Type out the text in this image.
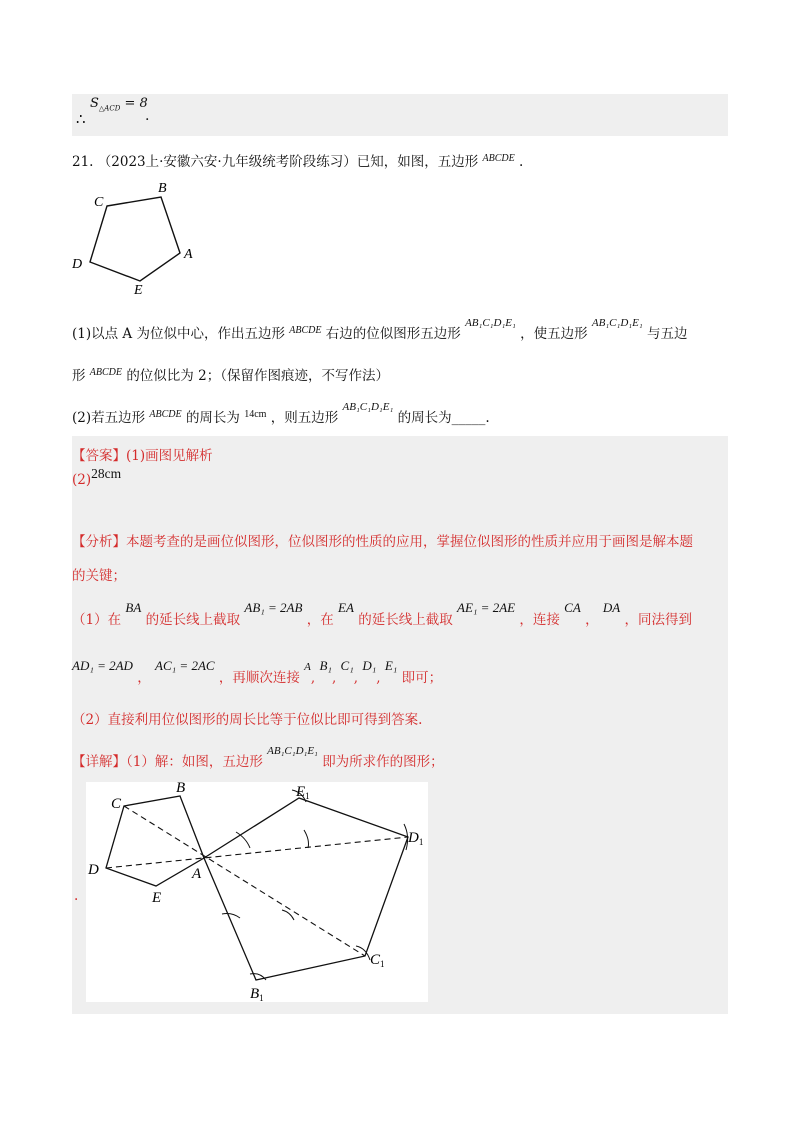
∴
$S_{\triangle ACD} = 8$
.
21. （2023上·安徽六安·九年级统考阶段练习）已知，如图，五边形 $^{ABCDE}$ .
B
C
A
D
E
(1)以点 A 为位似中心，作出五边形 $^{ABCDE}$ 右边的位似图形五边形 $^{AB_1C_1D_1E_1}$ ，使五边形 $^{AB_1C_1D_1E_1}$ 与五边
形 $^{ABCDE}$ 的位似比为 2；（保留作图痕迹，不写作法）
(2)若五边形 $^{ABCDE}$ 的周长为 $^{14cm}$ ，则五边形 $^{AB_1C_1D_1E_1}$ 的周长为_____.
【答案】(1)画图见解析
(2)28cm
【分析】本题考查的是画位似图形，位似图形的性质的应用，掌握位似图形的性质并应用于画图是解本题
的关键；
（1）在 BA 的延长线上截取 AB₁ = 2AB ，在 EA 的延长线上截取 AE₁ = 2AE ，连接 CA ， DA ，同法得到
AD₁ = 2AD ， AC₁ = 2AC ，再顺次连接 $^A$, B₁, C₁, D₁, E₁ 即可；
（2）直接利用位似图形的周长比等于位似比即可得到答案.
【详解】（1）解：如图，五边形 $^{AB_1C_1D_1E_1}$ 即为所求作的图形；
.
B
C
D
E
A
$E_1$
$D_1$
$C_1$
$B_1$
